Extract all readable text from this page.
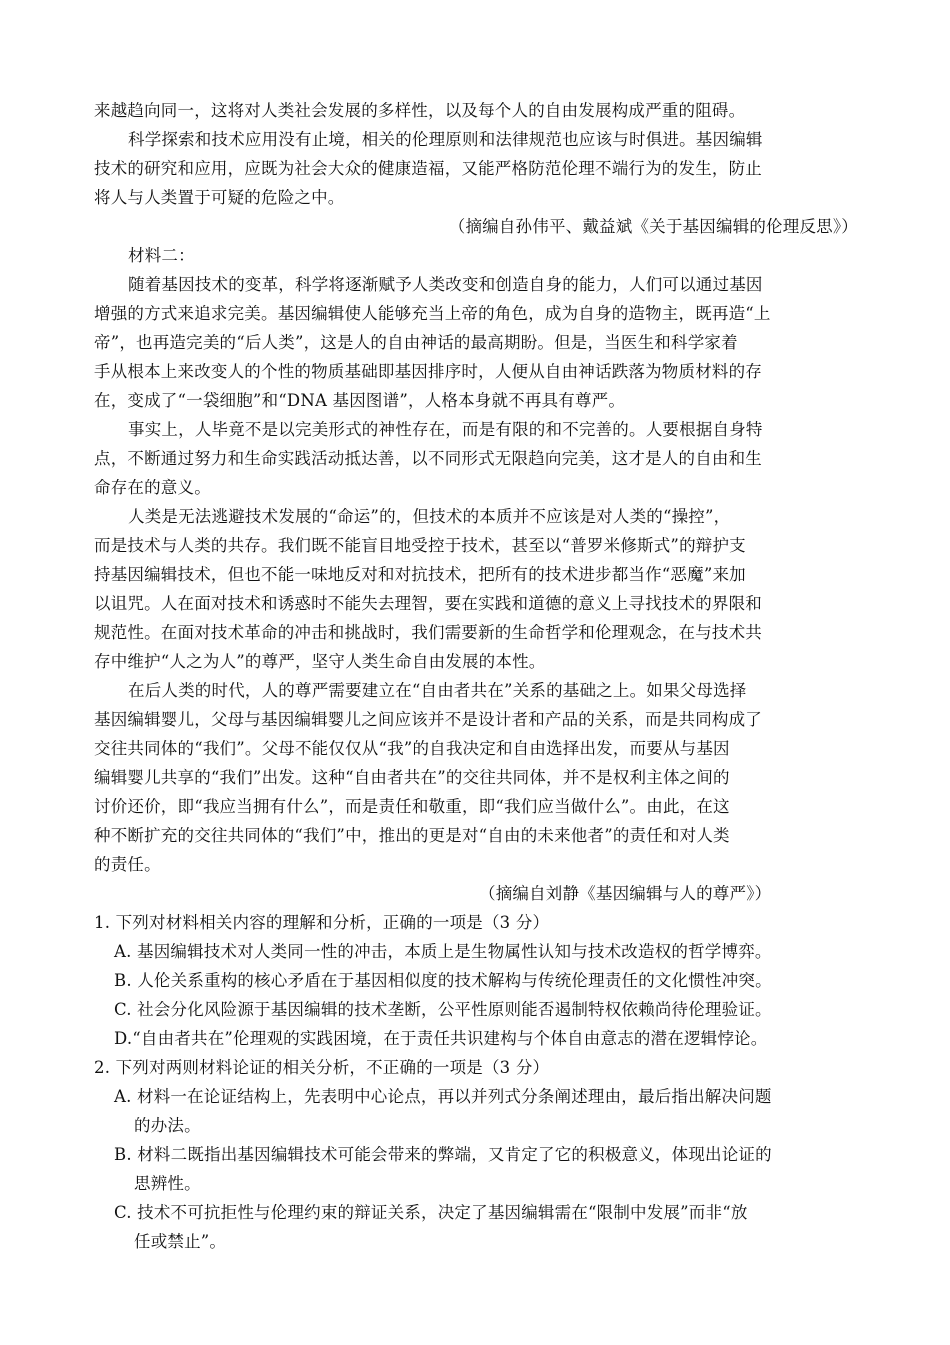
来越趋向同一，这将对人类社会发展的多样性，以及每个人的自由发展构成严重的阻碍。
科学探索和技术应用没有止境，相关的伦理原则和法律规范也应该与时俱进。基因编辑
技术的研究和应用，应既为社会大众的健康造福，又能严格防范伦理不端行为的发生，防止
将人与人类置于可疑的危险之中。
（摘编自孙伟平、戴益斌《关于基因编辑的伦理反思》）
材料二：
随着基因技术的变革，科学将逐渐赋予人类改变和创造自身的能力，人们可以通过基因
增强的方式来追求完美。基因编辑使人能够充当上帝的角色，成为自身的造物主，既再造“上
帝”，也再造完美的“后人类”，这是人的自由神话的最高期盼。但是，当医生和科学家着
手从根本上来改变人的个性的物质基础即基因排序时，人便从自由神话跌落为物质材料的存
在，变成了“一袋细胞”和“DNA 基因图谱”，人格本身就不再具有尊严。
事实上，人毕竟不是以完美形式的神性存在，而是有限的和不完善的。人要根据自身特
点，不断通过努力和生命实践活动抵达善，以不同形式无限趋向完美，这才是人的自由和生
命存在的意义。
人类是无法逃避技术发展的“命运”的，但技术的本质并不应该是对人类的“操控”，
而是技术与人类的共存。我们既不能盲目地受控于技术，甚至以“普罗米修斯式”的辩护支
持基因编辑技术，但也不能一味地反对和对抗技术，把所有的技术进步都当作“恶魔”来加
以诅咒。人在面对技术和诱惑时不能失去理智，要在实践和道德的意义上寻找技术的界限和
规范性。在面对技术革命的冲击和挑战时，我们需要新的生命哲学和伦理观念，在与技术共
存中维护“人之为人”的尊严，坚守人类生命自由发展的本性。
在后人类的时代，人的尊严需要建立在“自由者共在”关系的基础之上。如果父母选择
基因编辑婴儿，父母与基因编辑婴儿之间应该并不是设计者和产品的关系，而是共同构成了
交往共同体的“我们”。父母不能仅仅从“我”的自我决定和自由选择出发，而要从与基因
编辑婴儿共享的“我们”出发。这种“自由者共在”的交往共同体，并不是权利主体之间的
讨价还价，即“我应当拥有什么”，而是责任和敬重，即“我们应当做什么”。由此，在这
种不断扩充的交往共同体的“我们”中，推出的更是对“自由的未来他者”的责任和对人类
的责任。
（摘编自刘静《基因编辑与人的尊严》）
1. 下列对材料相关内容的理解和分析，正确的一项是（3 分）
A. 基因编辑技术对人类同一性的冲击，本质上是生物属性认知与技术改造权的哲学博弈。
B. 人伦关系重构的核心矛盾在于基因相似度的技术解构与传统伦理责任的文化惯性冲突。
C. 社会分化风险源于基因编辑的技术垄断，公平性原则能否遏制特权依赖尚待伦理验证。
D.“自由者共在”伦理观的实践困境，在于责任共识建构与个体自由意志的潜在逻辑悖论。
2. 下列对两则材料论证的相关分析，不正确的一项是（3 分）
A. 材料一在论证结构上，先表明中心论点，再以并列式分条阐述理由，最后指出解决问题
的办法。
B. 材料二既指出基因编辑技术可能会带来的弊端，又肯定了它的积极意义，体现出论证的
思辨性。
C. 技术不可抗拒性与伦理约束的辩证关系，决定了基因编辑需在“限制中发展”而非“放
任或禁止”。
